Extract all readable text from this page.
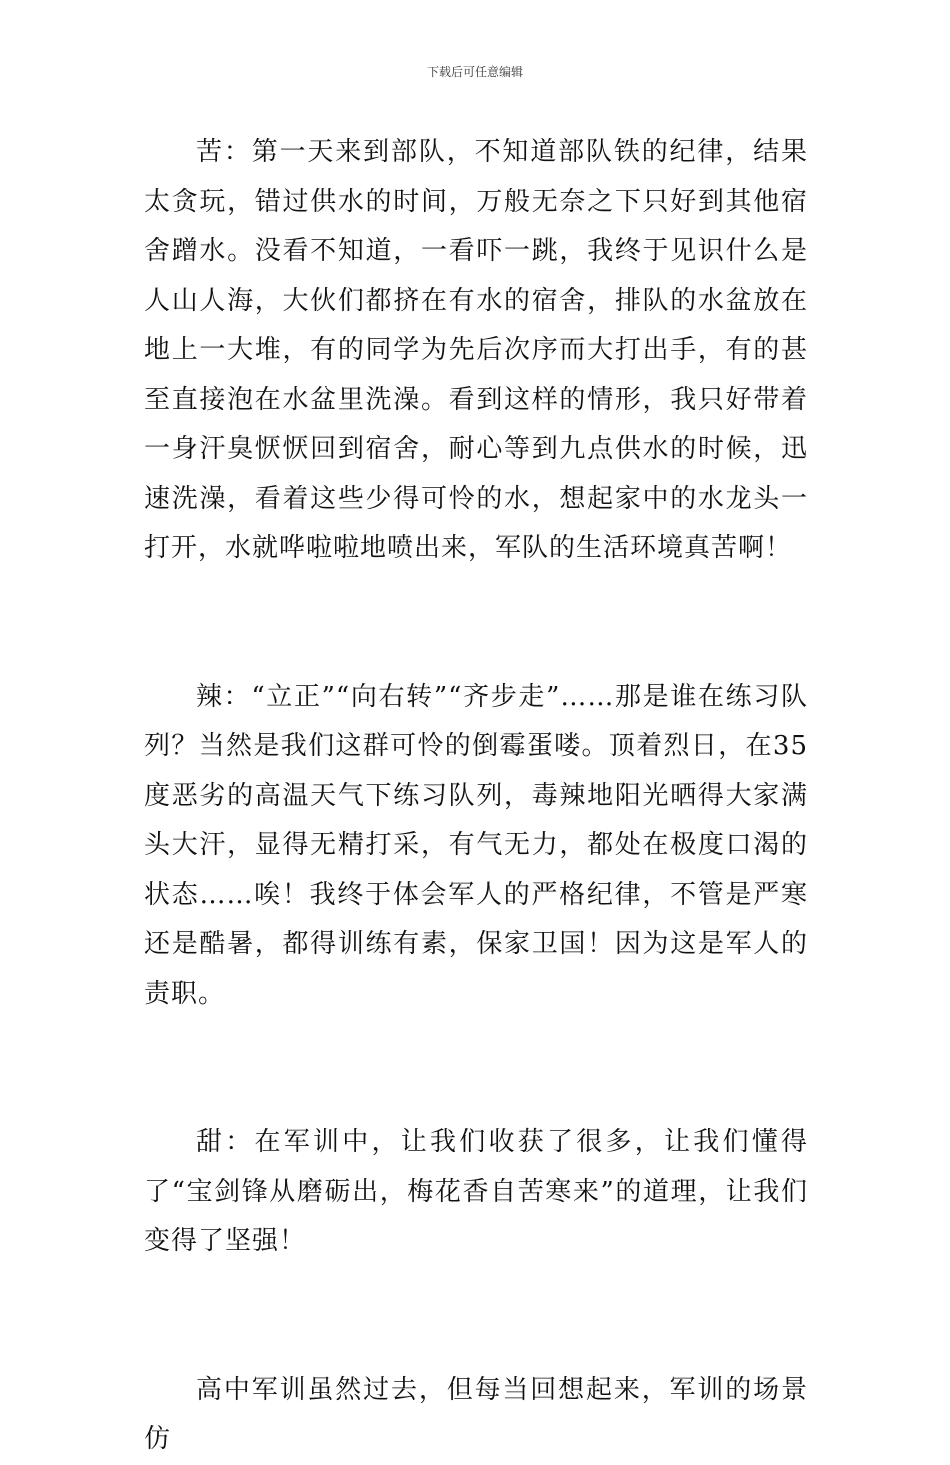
下载后可任意编辑

苦：第一天来到部队，不知道部队铁的纪律，结果太贪玩，错过供水的时间，万般无奈之下只好到其他宿舍蹭水。没看不知道，一看吓一跳，我终于见识什么是人山人海，大伙们都挤在有水的宿舍，排队的水盆放在地上一大堆，有的同学为先后次序而大打出手，有的甚至直接泡在水盆里洗澡。看到这样的情形，我只好带着一身汗臭恹恹回到宿舍，耐心等到九点供水的时候，迅速洗澡，看着这些少得可怜的水，想起家中的水龙头一打开，水就哗啦啦地喷出来，军队的生活环境真苦啊！

辣：“立正”“向右转”“齐步走”……那是谁在练习队列？当然是我们这群可怜的倒霉蛋喽。顶着烈日，在35度恶劣的高温天气下练习队列，毒辣地阳光晒得大家满头大汗，显得无精打采，有气无力，都处在极度口渴的状态……唉！我终于体会军人的严格纪律，不管是严寒还是酷暑，都得训练有素，保家卫国！因为这是军人的责职。

甜：在军训中，让我们收获了很多，让我们懂得了“宝剑锋从磨砺出，梅花香自苦寒来”的道理，让我们变得了坚强！

高中军训虽然过去，但每当回想起来，军训的场景仿
